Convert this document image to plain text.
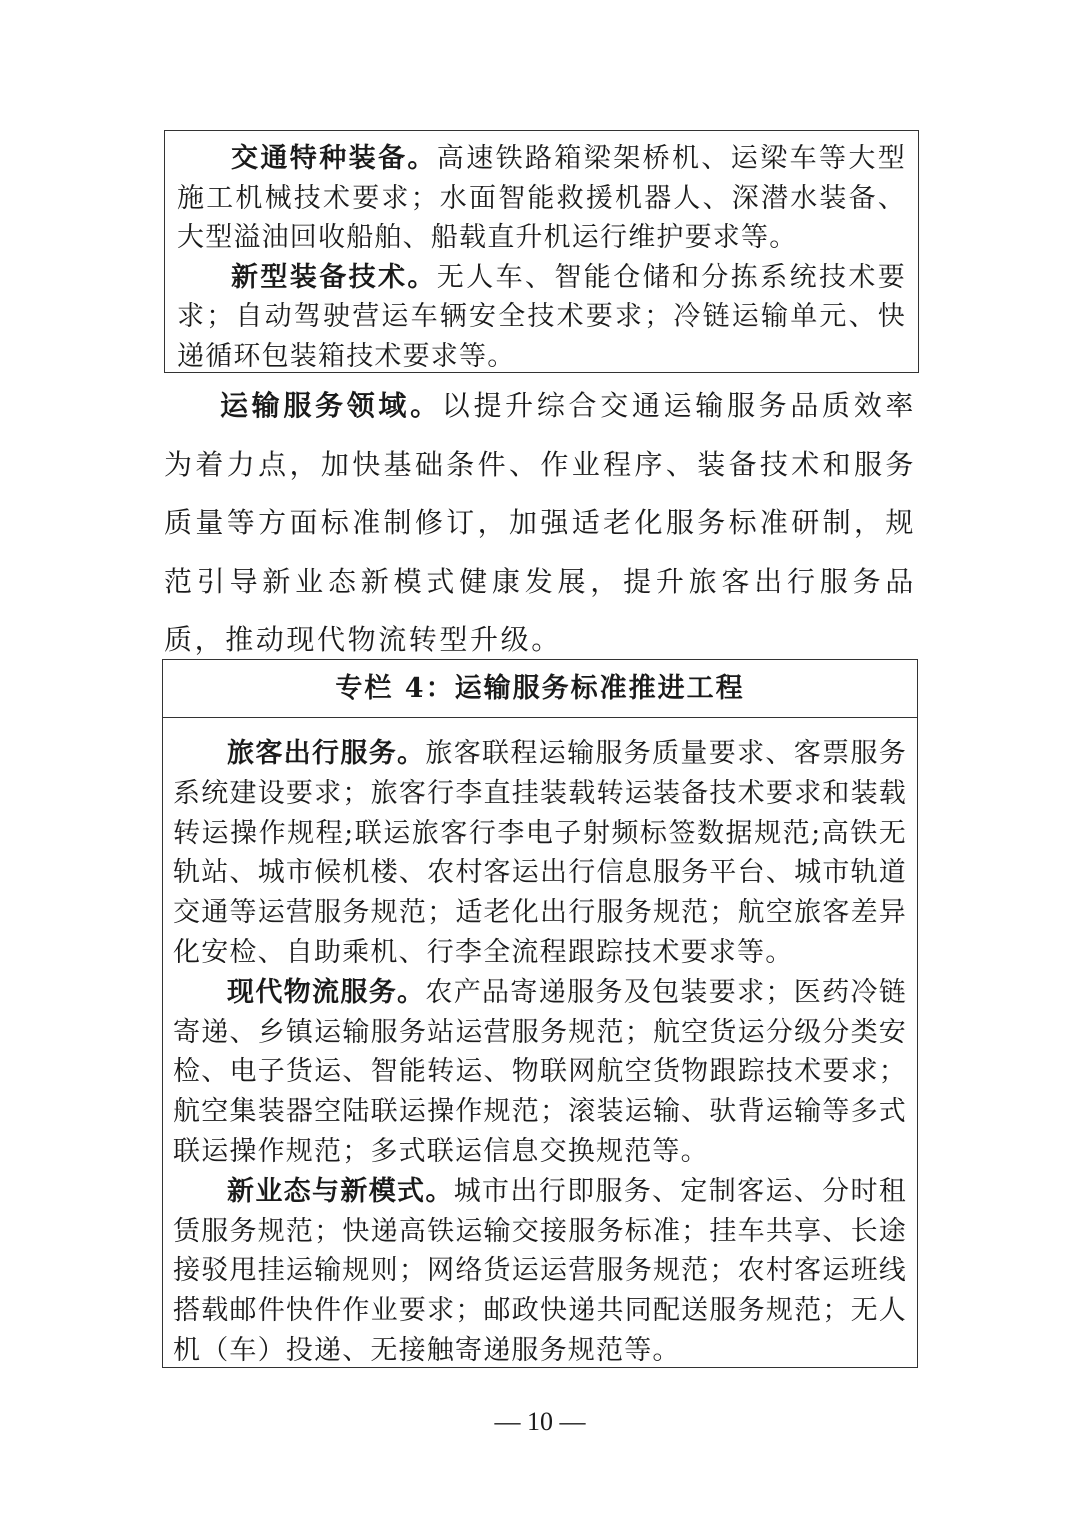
交通特种装备。高速铁路箱梁架桥机、运梁车等大型施工机械技术要求；水面智能救援机器人、深潜水装备、大型溢油回收船舶、船载直升机运行维护要求等。

新型装备技术。无人车、智能仓储和分拣系统技术要求；自动驾驶营运车辆安全技术要求；冷链运输单元、快递循环包装箱技术要求等。

运输服务领域。以提升综合交通运输服务品质效率为着力点，加快基础条件、作业程序、装备技术和服务质量等方面标准制修订，加强适老化服务标准研制，规范引导新业态新模式健康发展，提升旅客出行服务品质，推动现代物流转型升级。

专栏 4：运输服务标准推进工程

旅客出行服务。旅客联程运输服务质量要求、客票服务系统建设要求；旅客行李直挂装载转运装备技术要求和装载转运操作规程;联运旅客行李电子射频标签数据规范;高铁无轨站、城市候机楼、农村客运出行信息服务平台、城市轨道交通等运营服务规范；适老化出行服务规范；航空旅客差异化安检、自助乘机、行李全流程跟踪技术要求等。

现代物流服务。农产品寄递服务及包装要求；医药冷链寄递、乡镇运输服务站运营服务规范；航空货运分级分类安检、电子货运、智能转运、物联网航空货物跟踪技术要求；航空集装器空陆联运操作规范；滚装运输、驮背运输等多式联运操作规范；多式联运信息交换规范等。

新业态与新模式。城市出行即服务、定制客运、分时租赁服务规范；快递高铁运输交接服务标准；挂车共享、长途接驳甩挂运输规则；网络货运运营服务规范；农村客运班线搭载邮件快件作业要求；邮政快递共同配送服务规范；无人机（车）投递、无接触寄递服务规范等。

— 10 —
